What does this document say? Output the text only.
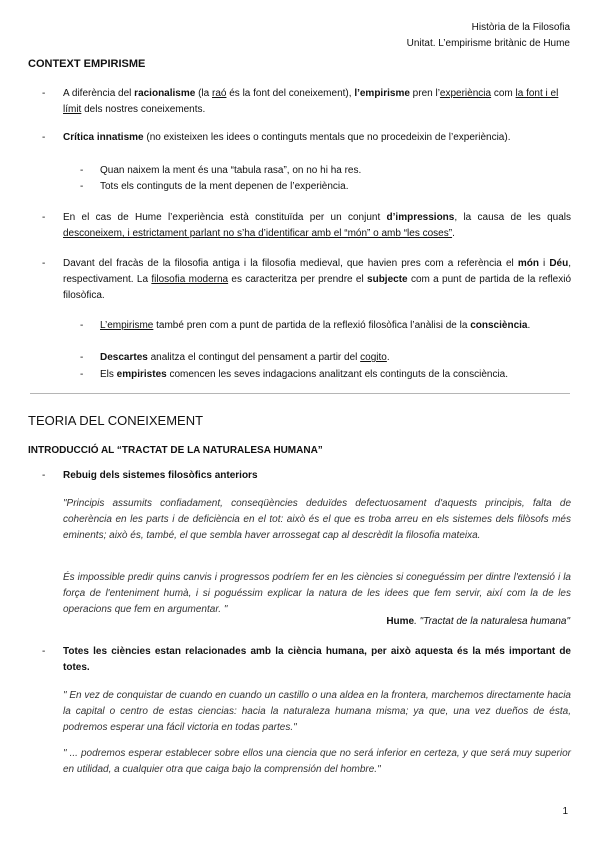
Història de la Filosofia
Unitat. L’empirisme britànic de Hume
CONTEXT EMPIRISME
- A diferència del racionalisme (la raó és la font del coneixement), l’empirisme pren l’experiència com la font i el límit dels nostres coneixements.
- Crítica innatisme (no existeixen les idees o continguts mentals que no procedeixin de l’experiència).
- Quan naixem la ment és una “tabula rasa”, on no hi ha res.
- Tots els continguts de la ment depenen de l’experiència.
- En el cas de Hume l’experiència està constituïda per un conjunt d’impressions, la causa de les quals desconeixem, i estrictament parlant no s’ha d’identificar amb el “món” o amb “les coses”.
- Davant del fracàs de la filosofia antiga i la filosofia medieval, que havien pres com a referència el món i Déu, respectivament. La filosofia moderna es caracteritza per prendre el subjecte com a punt de partida de la reflexió filosòfica.
- L’empirisme també pren com a punt de partida de la reflexió filosòfica l’anàlisi de la consciència.
- Descartes analitza el contingut del pensament a partir del cogito.
- Els empiristes comencen les seves indagacions analitzant els continguts de la consciència.
TEORIA DEL CONEIXEMENT
INTRODUCCIÓ AL “TRACTAT DE LA NATURALESA HUMANA”
- Rebuig dels sistemes filosòfics anteriors
"Principis assumits confiadament, conseqüències deduïdes defectuosament d'aquests principis, falta de coherència en les parts i de deficiència en el tot: això és el que es troba arreu en els sistemes dels filòsofs més eminents; això és, també, el que sembla haver arrossegat cap al descrèdit la filosofia mateixa.
És impossible predir quins canvis i progressos podríem fer en les ciències si coneguéssim per dintre l'extensió i la força de l'enteniment humà, i si poguéssim explicar la natura de les idees que fem servir, així com la de les operacions que fem en argumentar. "
Hume. "Tractat de la naturalesa humana"
- Totes les ciències estan relacionades amb la ciència humana, per això aquesta és la més important de totes.
" En vez de conquistar de cuando en cuando un castillo o una aldea en la frontera, marchemos directamente hacia la capital o centro de estas ciencias: hacia la naturaleza humana misma; ya que, una vez dueños de ésta, podremos esperar una fácil victoria en todas partes."
" ... podremos esperar establecer sobre ellos una ciencia que no será inferior en certeza, y que será muy superior en utilidad, a cualquier otra que caiga bajo la comprensión del hombre."
1
